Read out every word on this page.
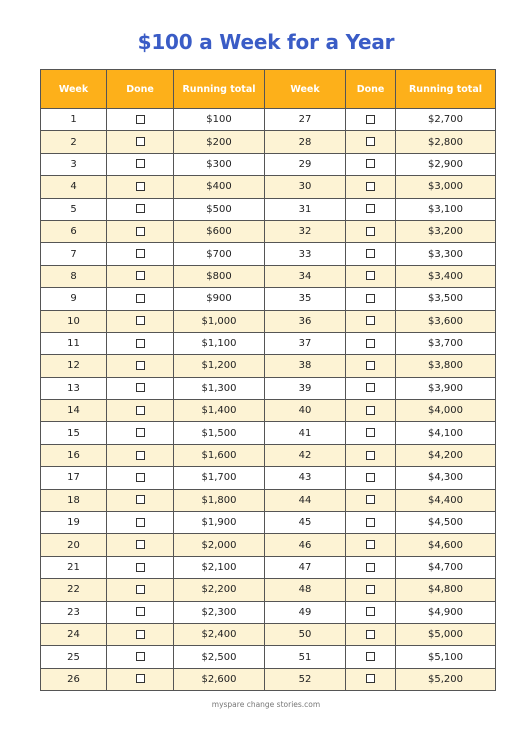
$100 a Week for a Year
Week	Done	Running total	Week	Done	Running total
1		$100	27		$2,700
2		$200	28		$2,800
3		$300	29		$2,900
4		$400	30		$3,000
5		$500	31		$3,100
6		$600	32		$3,200
7		$700	33		$3,300
8		$800	34		$3,400
9		$900	35		$3,500
10		$1,000	36		$3,600
11		$1,100	37		$3,700
12		$1,200	38		$3,800
13		$1,300	39		$3,900
14		$1,400	40		$4,000
15		$1,500	41		$4,100
16		$1,600	42		$4,200
17		$1,700	43		$4,300
18		$1,800	44		$4,400
19		$1,900	45		$4,500
20		$2,000	46		$4,600
21		$2,100	47		$4,700
22		$2,200	48		$4,800
23		$2,300	49		$4,900
24		$2,400	50		$5,000
25		$2,500	51		$5,100
26		$2,600	52		$5,200
myspare change stories.com
